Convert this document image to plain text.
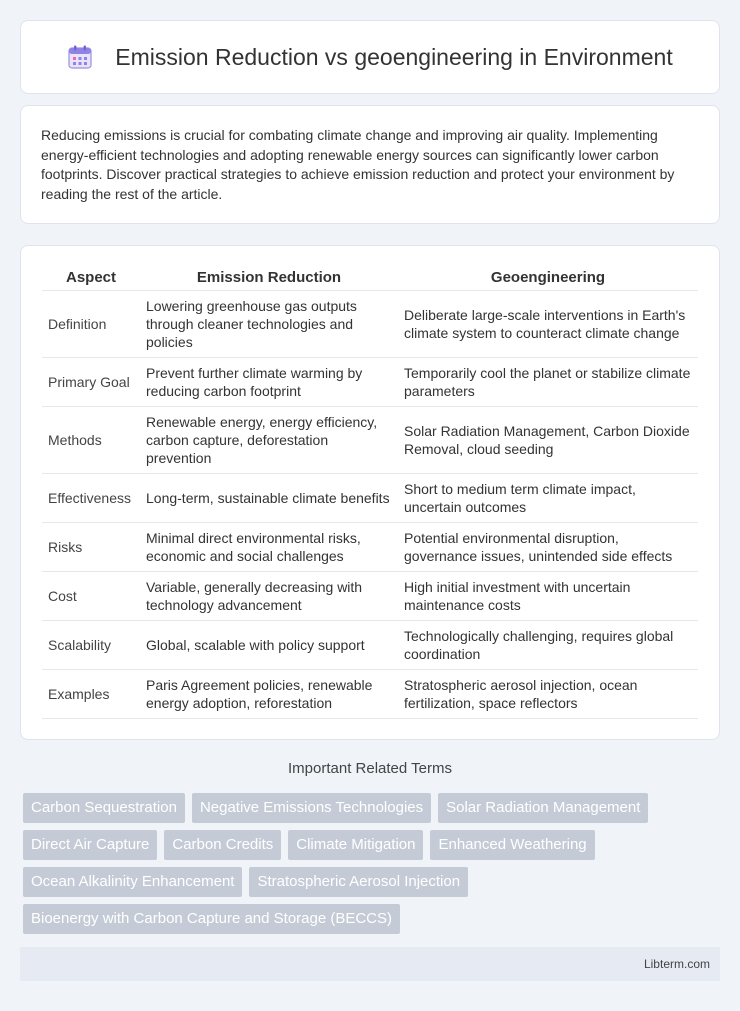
Emission Reduction vs geoengineering in Environment

Reducing emissions is crucial for combating climate change and improving air quality. Implementing energy-efficient technologies and adopting renewable energy sources can significantly lower carbon footprints. Discover practical strategies to achieve emission reduction and protect your environment by reading the rest of the article.

Aspect	Emission Reduction	Geoengineering
Definition	Lowering greenhouse gas outputs through cleaner technologies and policies	Deliberate large-scale interventions in Earth's climate system to counteract climate change
Primary Goal	Prevent further climate warming by reducing carbon footprint	Temporarily cool the planet or stabilize climate parameters
Methods	Renewable energy, energy efficiency, carbon capture, deforestation prevention	Solar Radiation Management, Carbon Dioxide Removal, cloud seeding
Effectiveness	Long-term, sustainable climate benefits	Short to medium term climate impact, uncertain outcomes
Risks	Minimal direct environmental risks, economic and social challenges	Potential environmental disruption, governance issues, unintended side effects
Cost	Variable, generally decreasing with technology advancement	High initial investment with uncertain maintenance costs
Scalability	Global, scalable with policy support	Technologically challenging, requires global coordination
Examples	Paris Agreement policies, renewable energy adoption, reforestation	Stratospheric aerosol injection, ocean fertilization, space reflectors
Important Related Terms
Carbon Sequestration	Negative Emissions Technologies	Solar Radiation Management
Direct Air Capture	Carbon Credits	Climate Mitigation	Enhanced Weathering
Ocean Alkalinity Enhancement	Stratospheric Aerosol Injection
Bioenergy with Carbon Capture and Storage (BECCS)
Libterm.com
